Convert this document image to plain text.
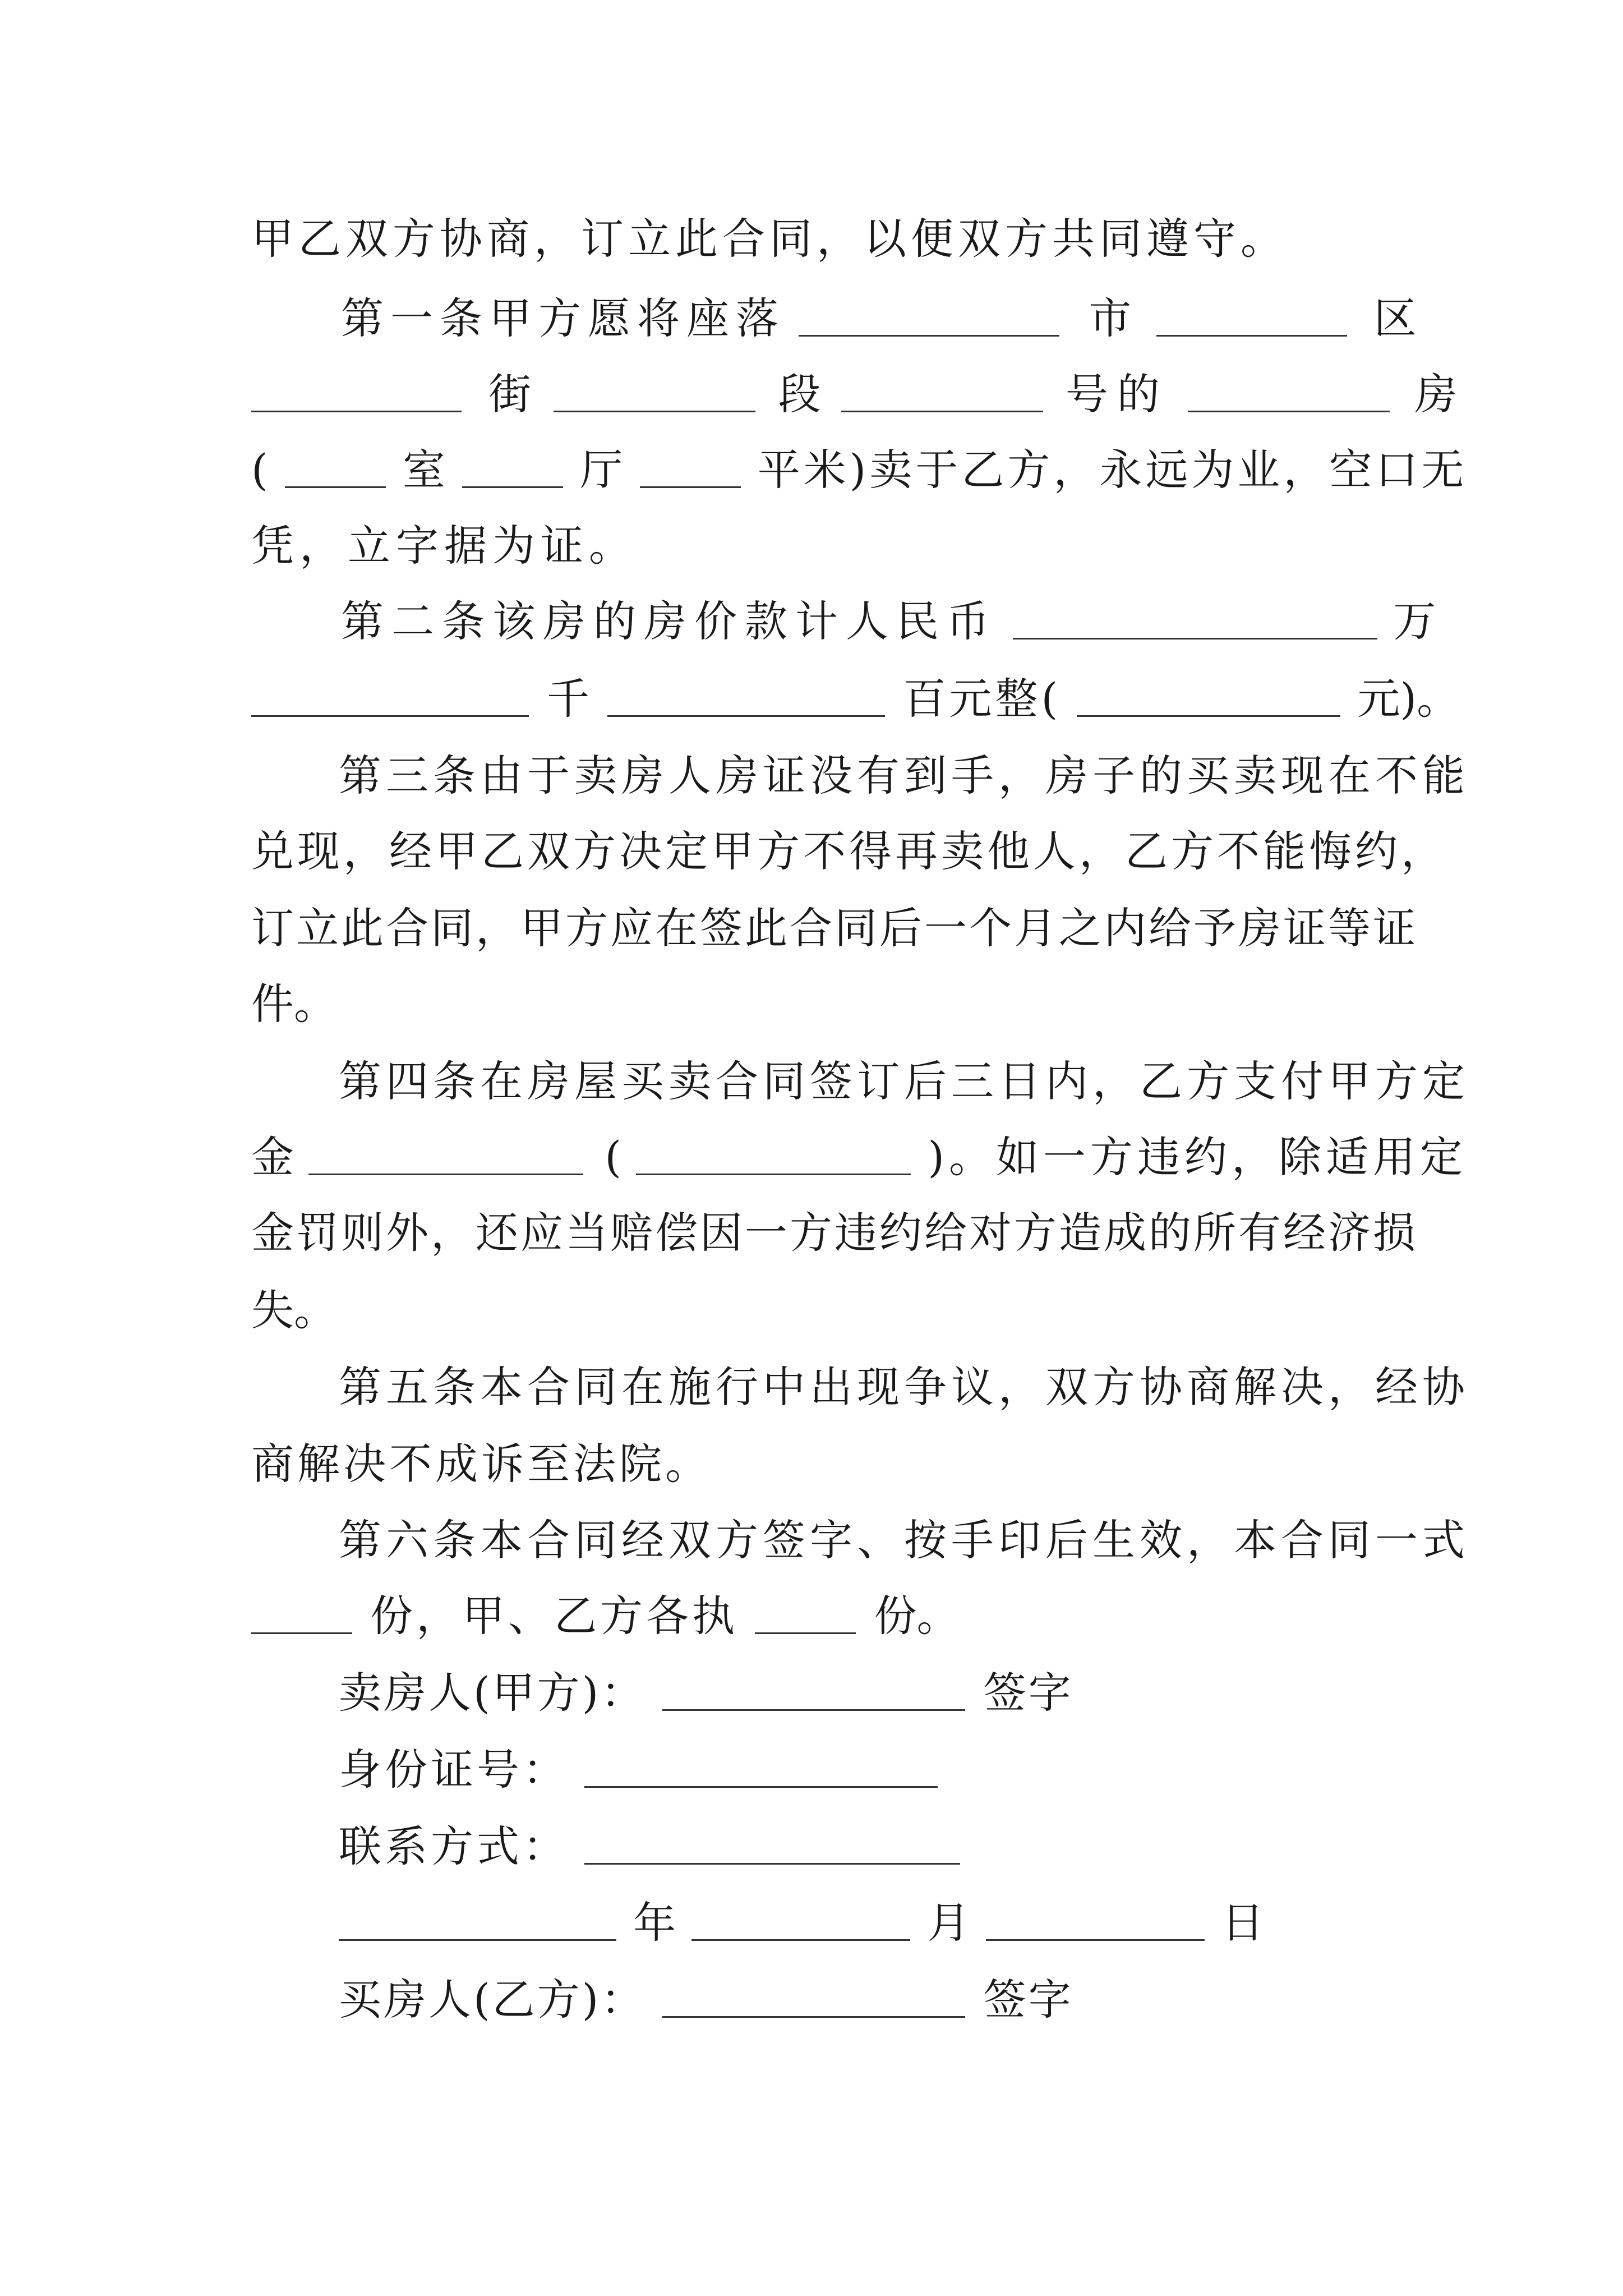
甲乙双方协商，订立此合同，以便双方共同遵守。
第一条甲方愿将座落	市	区
街	段	号的	房
(	室	厅	平米)卖于乙方，永远为业，空口无
凭，立字据为证。
第二条该房的房价款计人民币	万
千	百元整(	元)。
第三条由于卖房人房证没有到手，房子的买卖现在不能
兑现，经甲乙双方决定甲方不得再卖他人，乙方不能悔约，
订立此合同，甲方应在签此合同后一个月之内给予房证等证
件。
第四条在房屋买卖合同签订后三日内，乙方支付甲方定
金	(	)。如一方违约，除适用定
金罚则外，还应当赔偿因一方违约给对方造成的所有经济损
失。
第五条本合同在施行中出现争议，双方协商解决，经协
商解决不成诉至法院。
第六条本合同经双方签字、按手印后生效，本合同一式
份，甲、乙方各执	份。
卖房人(甲方)：	签字
身份证号：
联系方式：
年	月	日
买房人(乙方)：	签字
